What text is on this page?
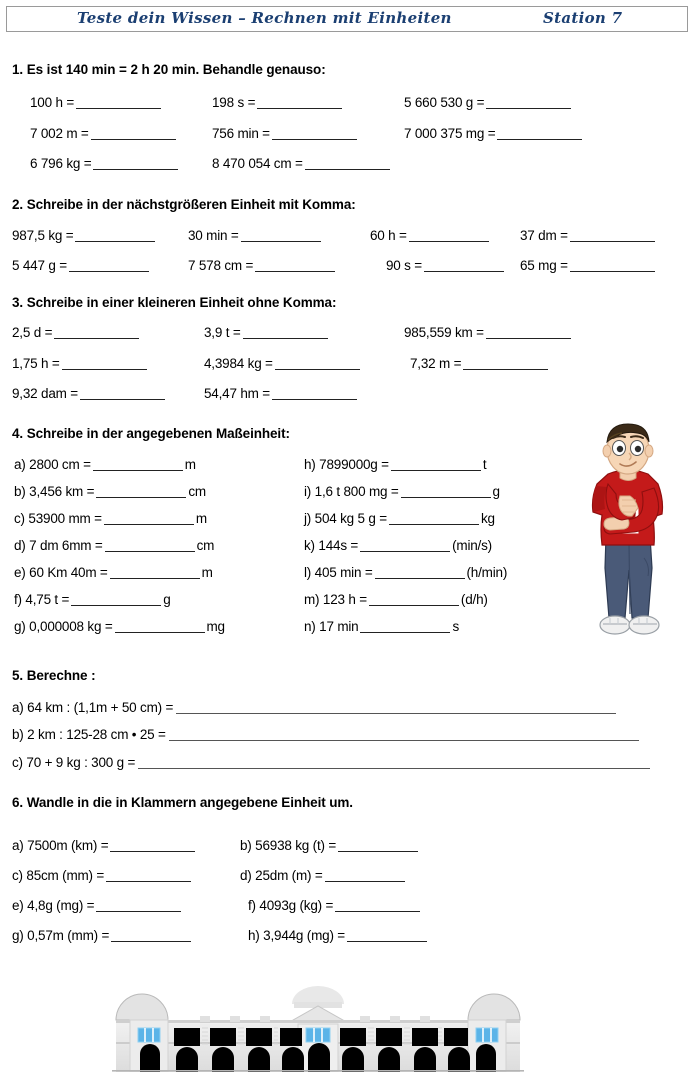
Teste dein Wissen – Rechnen mit Einheiten	Station 7
1. Es ist 140 min = 2 h 20 min. Behandle genauso:
100 h =	198 s =	5 660 530 g =
7 002 m =	756 min =	7 000 375 mg =
6 796 kg =	8 470 054 cm =
2. Schreibe in der nächstgrößeren Einheit mit Komma:
987,5 kg =	30 min =	60 h =	37 dm =
5 447 g =	7 578 cm =	90 s =	65 mg =
3. Schreibe in einer kleineren Einheit ohne Komma:
2,5 d =	3,9 t =	985,559 km =
1,75 h =	4,3984 kg =	7,32 m =
9,32 dam =	54,47 hm =
4. Schreibe in der angegebenen Maßeinheit:
a) 2800 cm =	m
b) 3,456 km =	cm
c) 53900 mm =	m
d) 7 dm 6mm =	cm
e) 60 Km 40m =	m
f) 4,75 t =	g
g) 0,000008 kg =	mg
h) 7899000g =	t
i) 1,6 t 800 mg =	g
j) 504 kg 5 g =	kg
k) 144s =	(min/s)
l) 405 min =	(h/min)
m) 123 h =	(d/h)
n) 17 min	s
5. Berechne :
a) 64 km : (1,1m + 50 cm) =
b) 2 km : 125-28 cm • 25 =
c) 70 + 9 kg : 300 g =
6. Wandle in die in Klammern angegebene Einheit um.
a) 7500m (km) =	b) 56938 kg (t) =
c) 85cm (mm) =	d) 25dm (m) =
e) 4,8g (mg) =	f) 4093g (kg) =
g) 0,57m (mm) =	h) 3,944g (mg) =
